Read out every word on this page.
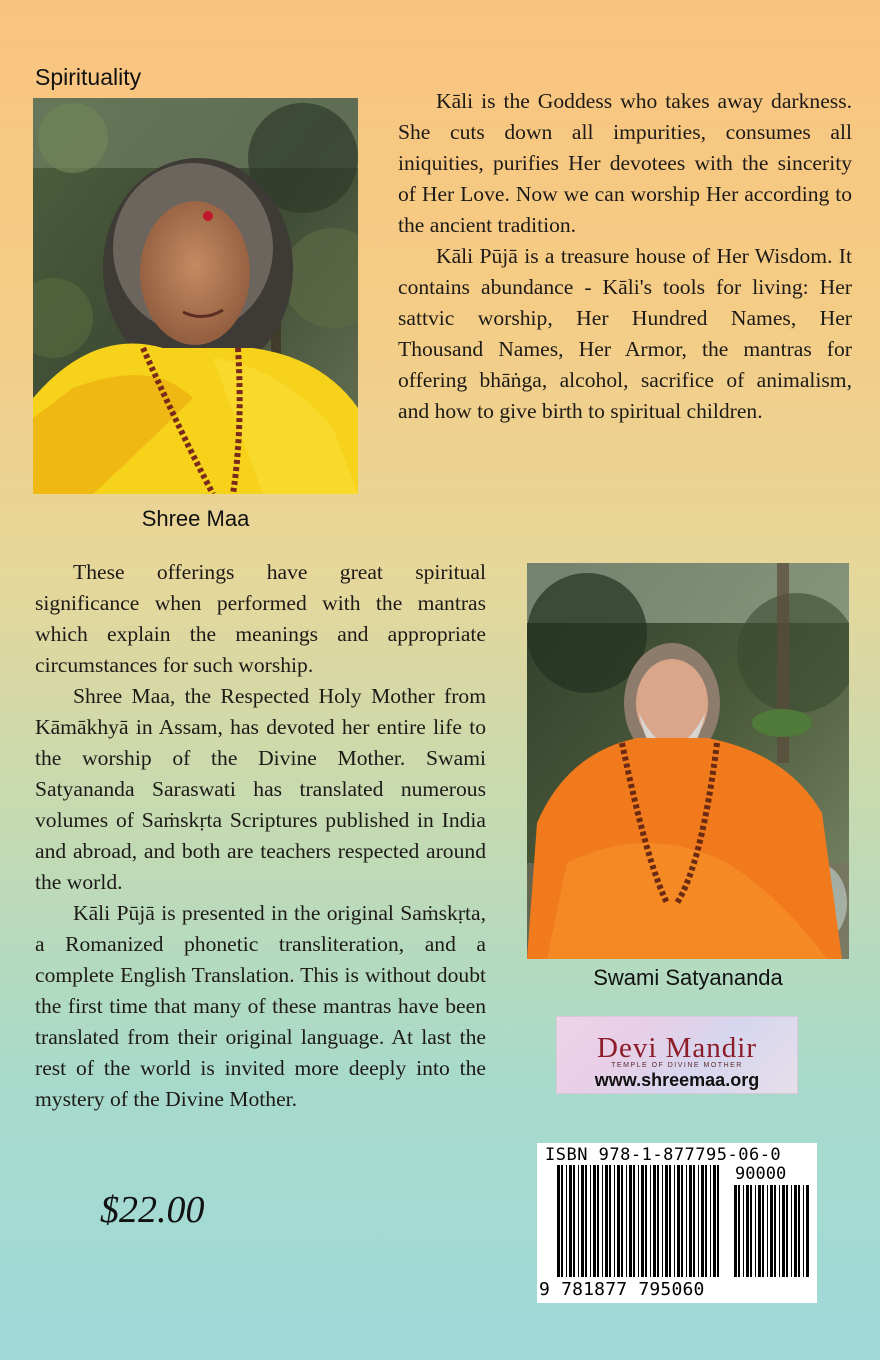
Spirituality
Shree Maa

Kāli is the Goddess who takes away darkness. She cuts down all impurities, consumes all iniquities, purifies Her devotees with the sincerity of Her Love. Now we can worship Her according to the ancient tradition.

Kāli Pūjā is a treasure house of Her Wisdom. It contains abundance - Kāli's tools for living: Her sattvic worship, Her Hundred Names, Her Thousand Names, Her Armor, the mantras for offering bhāṅga, alcohol, sacrifice of animalism, and how to give birth to spiritual children.

These offerings have great spiritual significance when performed with the mantras which explain the meanings and appropriate circumstances for such worship.

Shree Maa, the Respected Holy Mother from Kāmākhyā in Assam, has devoted her entire life to the worship of the Divine Mother. Swami Satyananda Saraswati has translated numerous volumes of Saṁskṛta Scriptures published in India and abroad, and both are teachers respected around the world.

Kāli Pūjā is presented in the original Saṁskṛta, a Romanized phonetic transliteration, and a complete English Translation. This is without doubt the first time that many of these mantras have been translated from their original language. At last the rest of the world is invited more deeply into the mystery of the Divine Mother.

Swami Satyananda
Devi Mandir
TEMPLE OF DIVINE MOTHER
www.shreemaa.org
$22.00
ISBN 978-1-877795-06-0
90000
9 781877 795060
